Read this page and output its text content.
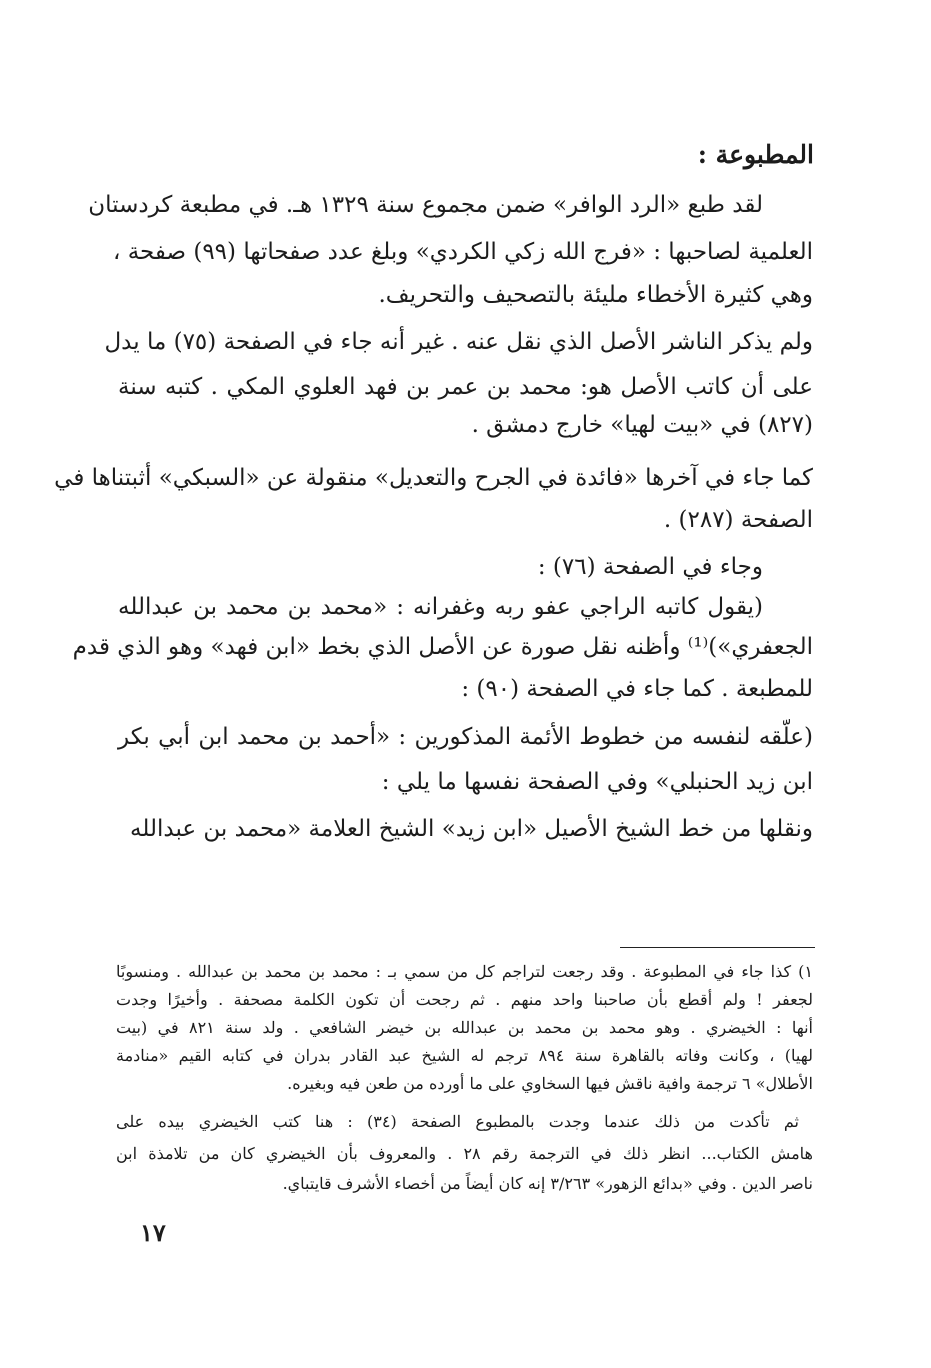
المطبوعة :
لقد طبع «الرد الوافر» ضمن مجموع سنة ١٣٢٩ هـ. في مطبعة كردستان
العلمية لصاحبها : «فرج الله زكي الكردي» وبلغ عدد صفحاتها (٩٩) صفحة ،
وهي كثيرة الأخطاء مليئة بالتصحيف والتحريف.
ولم يذكر الناشر الأصل الذي نقل عنه . غير أنه جاء في الصفحة (٧٥) ما يدل
على أن كاتب الأصل هو: محمد بن عمر بن فهد العلوي المكي . كتبه سنة
(٨٢٧) في «بيت لهيا» خارج دمشق .
كما جاء في آخرها «فائدة في الجرح والتعديل» منقولة عن «السبكي» أثبتناها في
الصفحة (٢٨٧) .
وجاء في الصفحة (٧٦) :
(يقول كاتبه الراجي عفو ربه وغفرانه : «محمد بن محمد بن عبدالله
الجعفري»)⁽¹⁾ وأظنه نقل صورة عن الأصل الذي بخط «ابن فهد» وهو الذي قدم
للمطبعة . كما جاء في الصفحة (٩٠) :
(علّقه لنفسه من خطوط الأئمة المذكورين : «أحمد بن محمد ابن أبي بكر
ابن زيد الحنبلي» وفي الصفحة نفسها ما يلي :
ونقلها من خط الشيخ الأصيل «ابن زيد» الشيخ العلامة «محمد بن عبدالله
١) كذا جاء في المطبوعة . وقد رجعت لتراجم كل من سمي بـ : محمد بن محمد بن عبدالله . ومنسوبًا
لجعفر ! ولم أقطع بأن صاحبنا واحد منهم . ثم رجحت أن تكون الكلمة مصحفة . وأخيرًا وجدت
أنها : الخيضري . وهو محمد بن محمد بن عبدالله بن خيضر الشافعي . ولد سنة ٨٢١ في (بيت
لهيا) ، وكانت وفاته بالقاهرة سنة ٨٩٤ ترجم له الشيخ عبد القادر بدران في كتابه القيم «منادمة
الأطلال» ٦ ترجمة وافية ناقش فيها السخاوي على ما أورده من طعن فيه وبغيره.
ثم تأكدت من ذلك عندما وجدت بالمطبوع الصفحة (٣٤) : هنا كتب الخيضري بيده على
هامش الكتاب... انظر ذلك في الترجمة رقم ٢٨ . والمعروف بأن الخيضري كان من تلامذة ابن
ناصر الدين . وفي «بدائع الزهور» ٣/٢٦٣ إنه كان أيضاً من أخصاء الأشرف قايتباي.
١٧
